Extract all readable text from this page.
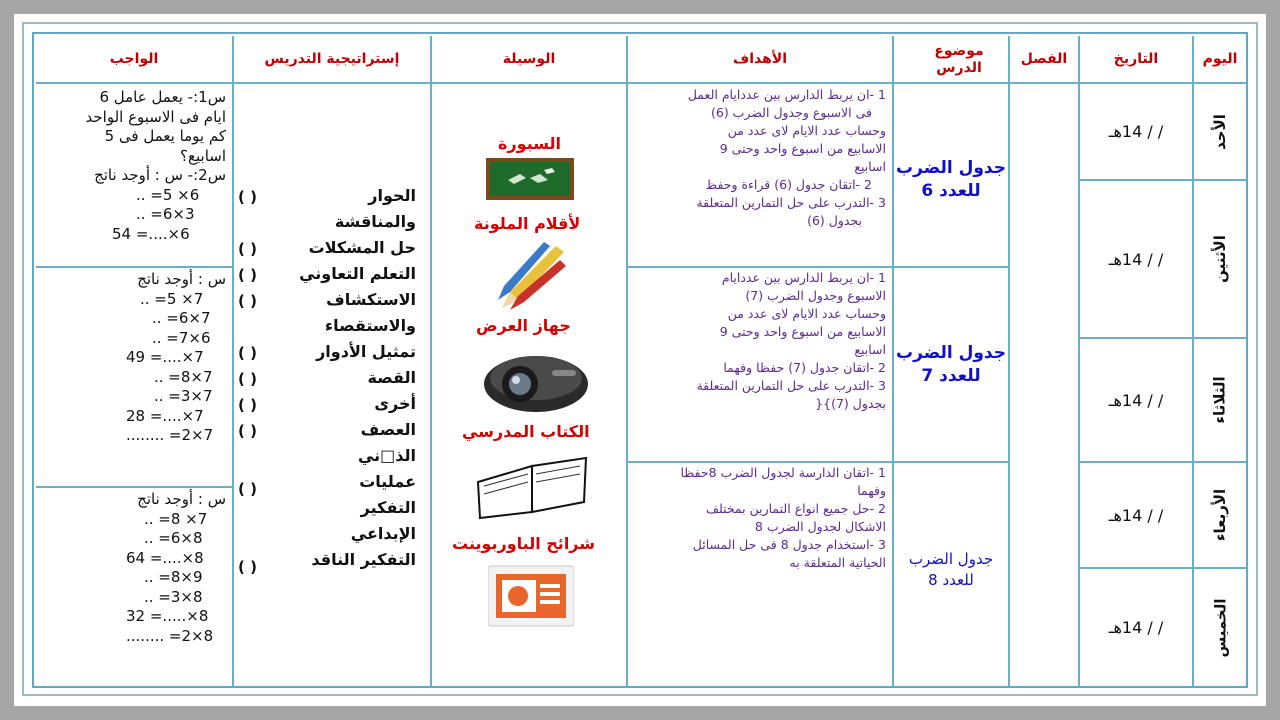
اليوم
التاريخ
الفصل
موضوع الدرس
الأهداف
الوسيلة
إستراتيجية التدريس
الواجب
الأحد
الأثنين
الثلاثاء
الأربعاء
الخميس
/ / 14هـ
/ / 14هـ
/ / 14هـ
/ / 14هـ
/ / 14هـ
جدول الضرب للعدد 6
جدول الضرب للعدد 7
جدول الضرب للعدد 8
1 -ان يربط الدارس بين عددايام العمل
فى الاسبوع وجدول الضرب (6)
وحساب عدد الايام لاى عدد من
الاسابيع من اسبوع واحد وحتى 9
اسابيع
2 -اتقان جدول (6) قراءة وحفظ
3 -التدرب على حل التمارين المتعلقة
بجدول (6)
1 -ان يربط الدارس بين عددايام
الاسبوع وجدول الضرب (7)
وحساب عدد الايام لاى عدد من
الاسابيع من اسبوع واحد وحتى 9
اسابيع
2 -اتقان جدول (7) حفظا وفهما
3 -التدرب على حل التمارين المتعلقة
بجدول (7)}{
1 -اتقان الدارسة لجدول الضرب 8حفظا
وفهما
2 -حل جميع انواع التمارين بمختلف
الاشكال لجدول الضرب 8
3 -استخدام جدول 8 فى حل المسائل
الحياتية المتعلقة به
السبورة
لأقلام الملونة
جهاز العرض
الكتاب المدرسي
شرائح الباوربوينت
الحوار
والمناقشة
حل المشكلات
التعلم التعاوني
الاستكشاف
والاستقصاء
تمثيل الأدوار
القصة
أخرى
العصف
الذ□ني
عمليات
التفكير
الإبداعي
التفكير الناقد
( )
( )
( )
( )
( )
( )
( )
( )
( )
( )
س1:- يعمل عامل 6
ايام فى الاسبوع الواحد
كم يوما يعمل فى 5
اسابيع؟
س2:- س : أوجد ناتج
.. =5 ×6
.. =6×3
54 =....×6
س : أوجد ناتج
.. =5 ×7
.. =6×7
.. =7×6
49 =....×7
.. =8×7
.. =3×7
28 =....×7
........ =2×7
س : أوجد ناتج
.. =8 ×7
.. =6×8
64 =....×8
.. =8×9
.. =3×8
32 =.....×8
........ =2×8
